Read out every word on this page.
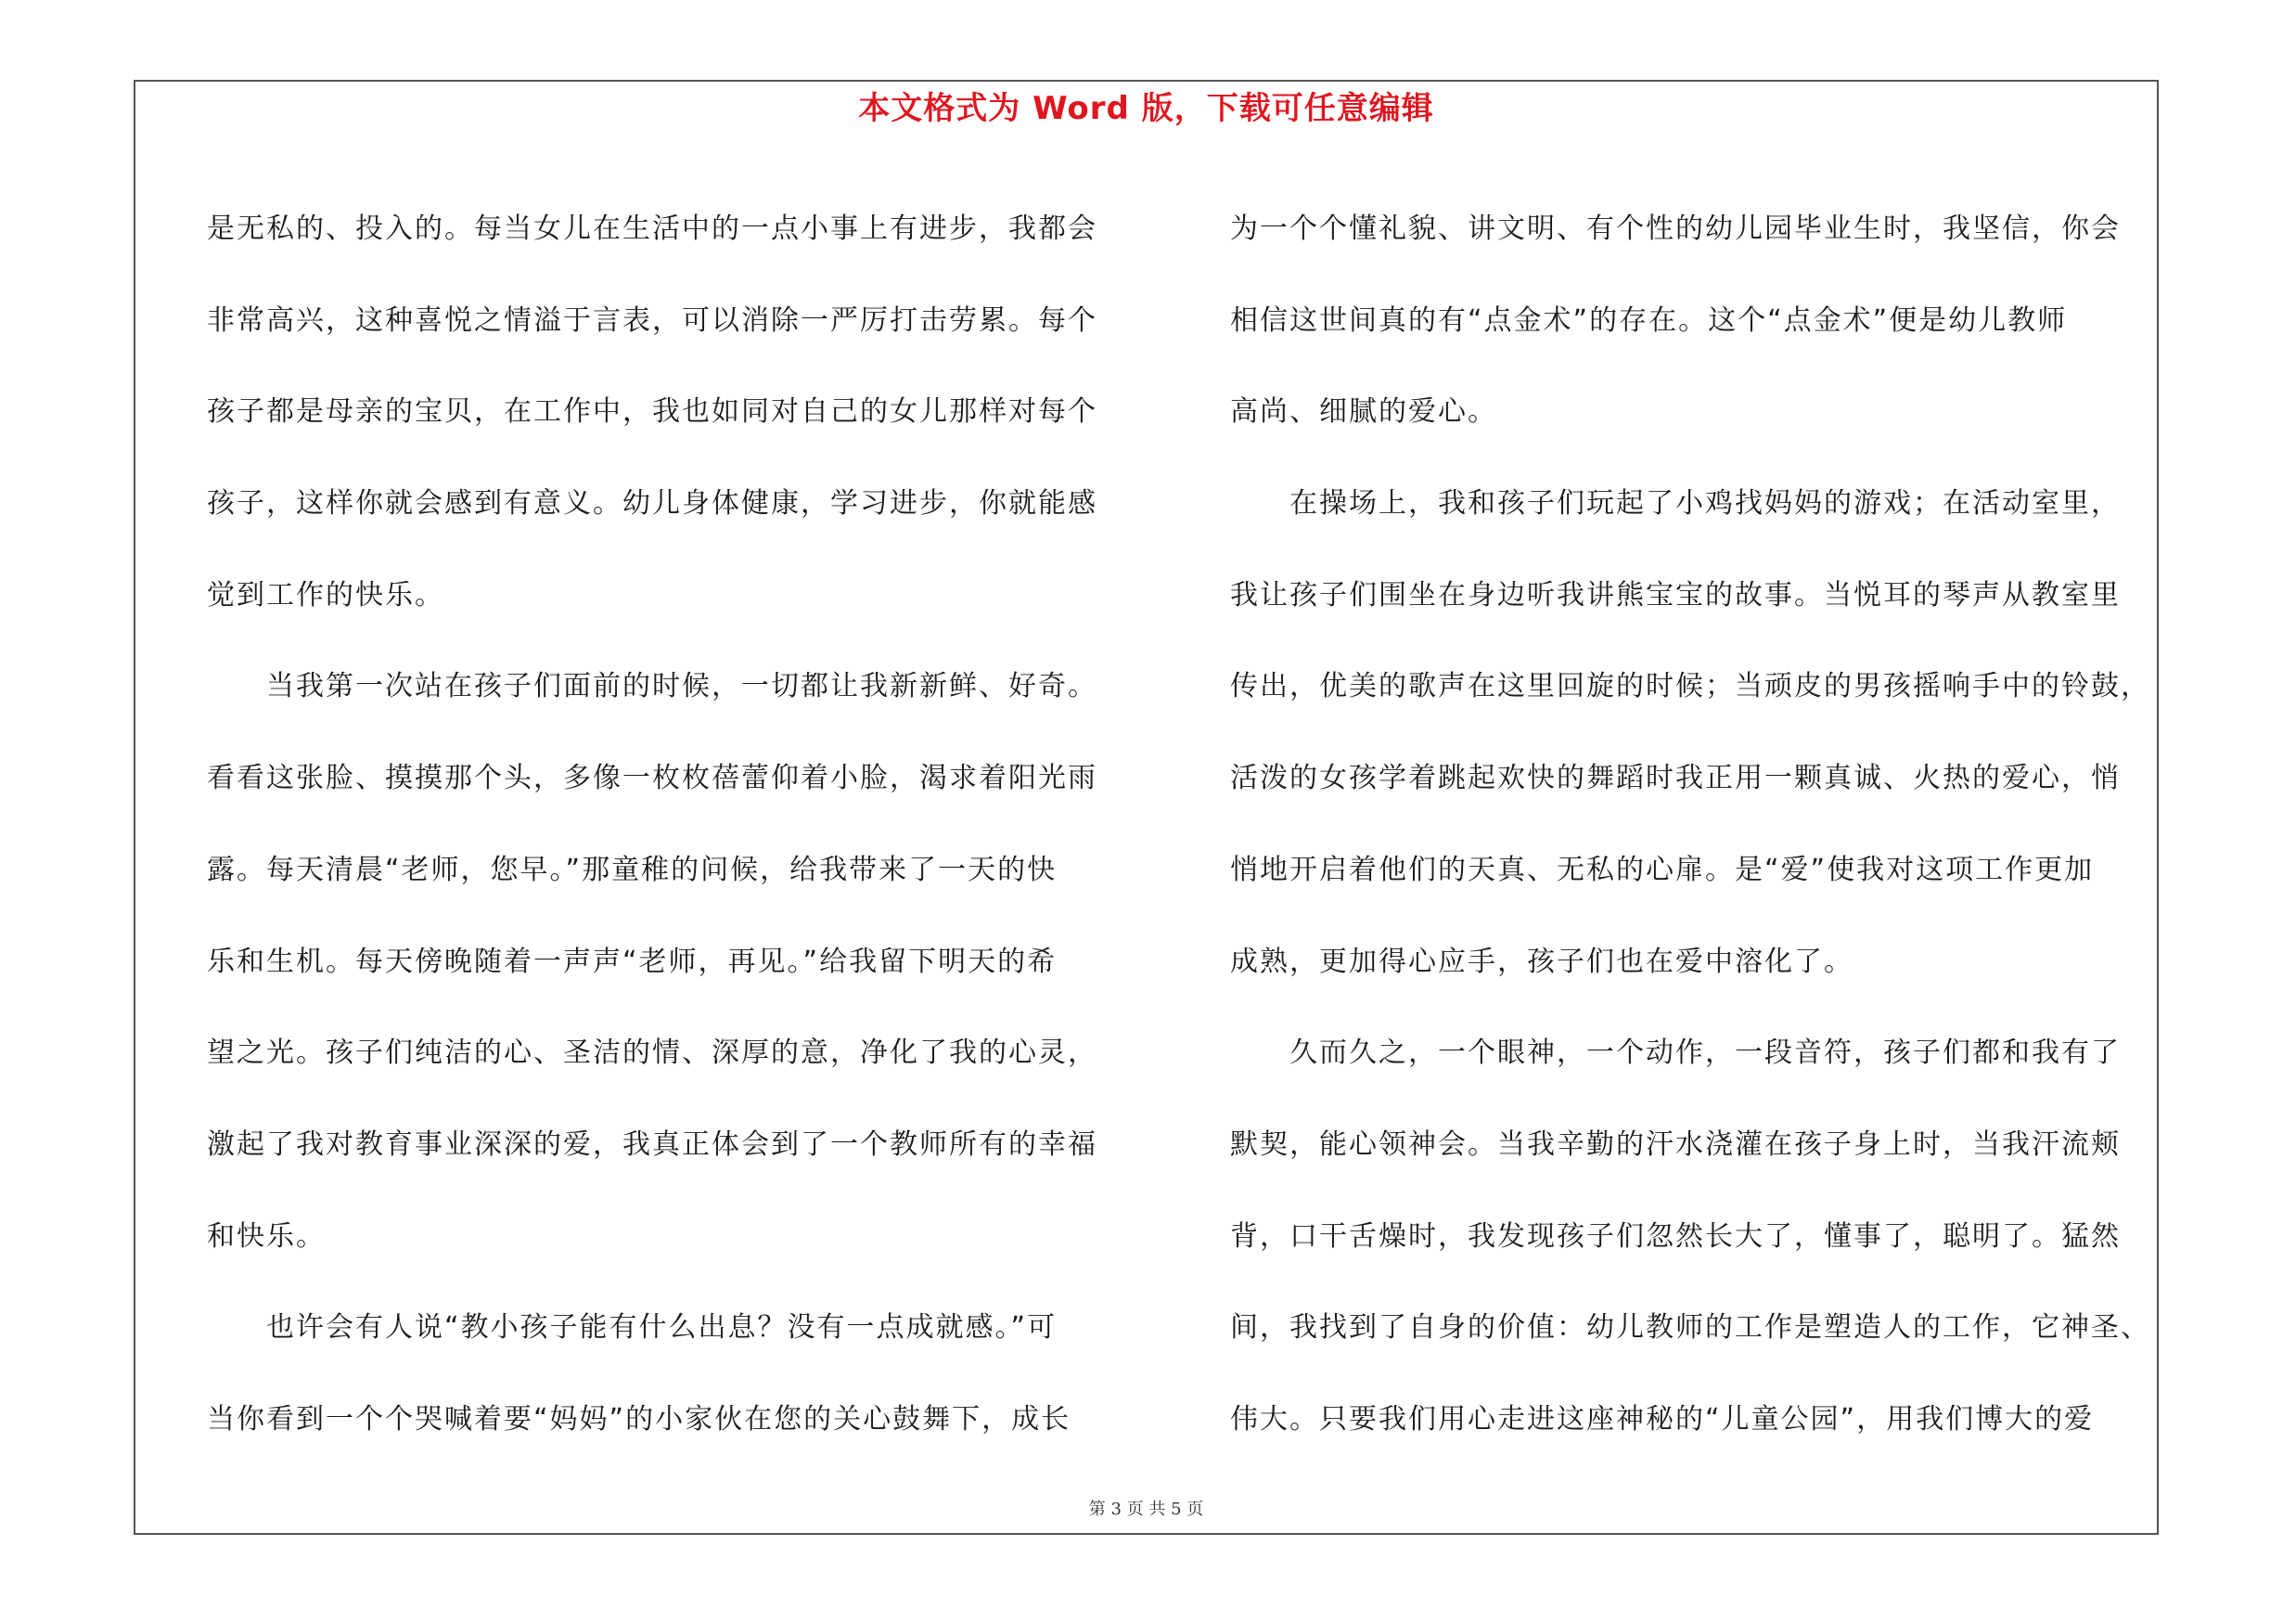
本文格式为 Word 版，下载可任意编辑
是无私的、投入的。每当女儿在生活中的一点小事上有进步，我都会
非常高兴，这种喜悦之情溢于言表，可以消除一严厉打击劳累。每个
孩子都是母亲的宝贝，在工作中，我也如同对自己的女儿那样对每个
孩子，这样你就会感到有意义。幼儿身体健康，学习进步，你就能感
觉到工作的快乐。
　　当我第一次站在孩子们面前的时候，一切都让我新新鲜、好奇。
看看这张脸、摸摸那个头，多像一枚枚蓓蕾仰着小脸，渴求着阳光雨
露。每天清晨“老师，您早。”那童稚的问候，给我带来了一天的快
乐和生机。每天傍晚随着一声声“老师，再见。”给我留下明天的希
望之光。孩子们纯洁的心、圣洁的情、深厚的意，净化了我的心灵，
激起了我对教育事业深深的爱，我真正体会到了一个教师所有的幸福
和快乐。
　　也许会有人说“教小孩子能有什么出息？没有一点成就感。”可
当你看到一个个哭喊着要“妈妈”的小家伙在您的关心鼓舞下，成长
为一个个懂礼貌、讲文明、有个性的幼儿园毕业生时，我坚信，你会
相信这世间真的有“点金术”的存在。这个“点金术”便是幼儿教师
高尚、细腻的爱心。
　　在操场上，我和孩子们玩起了小鸡找妈妈的游戏；在活动室里，
我让孩子们围坐在身边听我讲熊宝宝的故事。当悦耳的琴声从教室里
传出，优美的歌声在这里回旋的时候；当顽皮的男孩摇响手中的铃鼓，
活泼的女孩学着跳起欢快的舞蹈时我正用一颗真诚、火热的爱心，悄
悄地开启着他们的天真、无私的心扉。是“爱”使我对这项工作更加
成熟，更加得心应手，孩子们也在爱中溶化了。
　　久而久之，一个眼神，一个动作，一段音符，孩子们都和我有了
默契，能心领神会。当我辛勤的汗水浇灌在孩子身上时，当我汗流颊
背，口干舌燥时，我发现孩子们忽然长大了，懂事了，聪明了。猛然
间，我找到了自身的价值：幼儿教师的工作是塑造人的工作，它神圣、
伟大。只要我们用心走进这座神秘的“儿童公园”，用我们博大的爱
第 3 页 共 5 页
